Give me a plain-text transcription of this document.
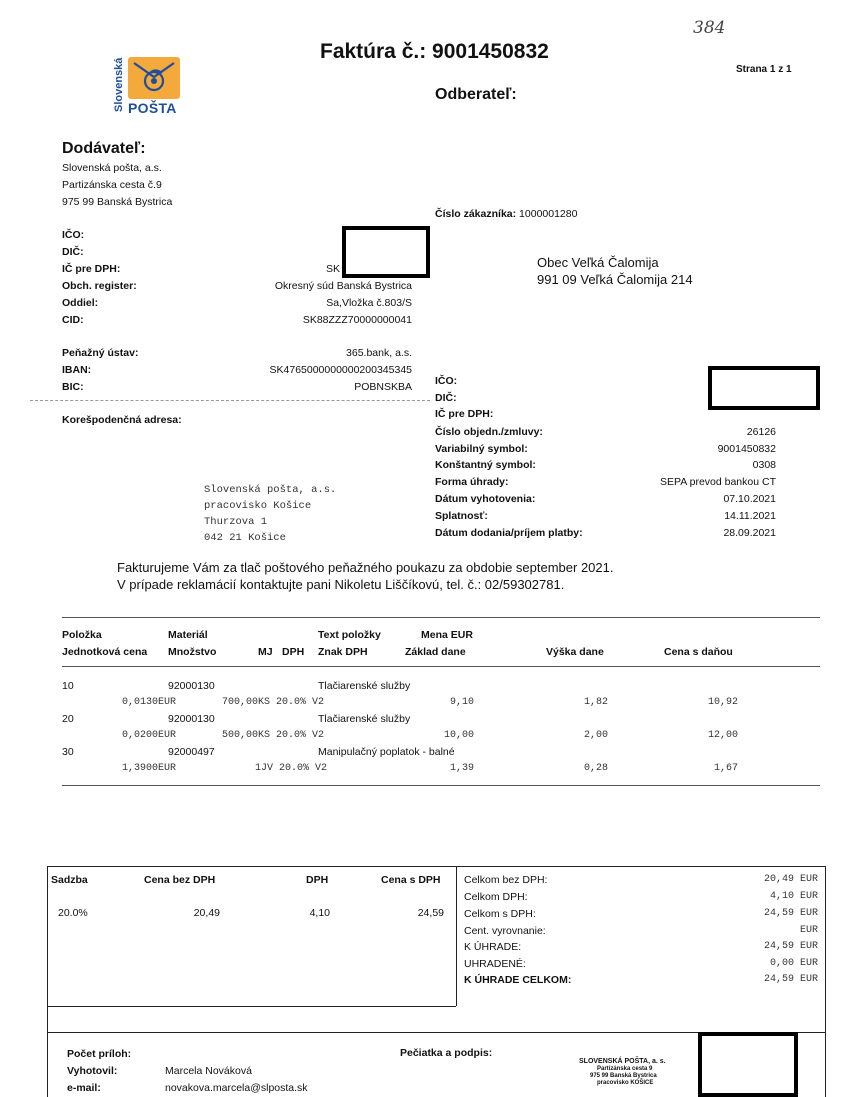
384
Slovenská POŠTA
Faktúra č.: 9001450832
Strana 1 z 1
Odberateľ:
Dodávateľ:
Slovenská pošta, a.s.
Partizánska cesta č.9
975 99 Banská Bystrica
IČO:
DIČ:
IČ pre DPH:	SK
Obch. register:	Okresný súd Banská Bystrica
Oddiel:	Sa,Vložka č.803/S
CID:	SK88ZZZ70000000041
Peňažný ústav:	365.bank, a.s.
IBAN:	SK4765000000000200345345
BIC:	POBNSKBA
Korešpodenčná adresa:
Slovenská pošta, a.s.
pracovisko Košice
Thurzova 1
042 21 Košice
Číslo zákazníka: 1000001280
Obec Veľká Čalomija
991 09 Veľká Čalomija 214
IČO:
DIČ:
IČ pre DPH:
Číslo objedn./zmluvy:	26126
Variabilný symbol:	9001450832
Konštantný symbol:	0308
Forma úhrady:	SEPA prevod bankou CT
Dátum vyhotovenia:	07.10.2021
Splatnosť:	14.11.2021
Dátum dodania/príjem platby:	28.09.2021
Fakturujeme Vám za tlač poštového peňažného poukazu za obdobie september 2021.
V prípade reklamácií kontaktujte pani Nikoletu Liščíkovú, tel. č.: 02/59302781.
Položka	Materiál	Text položky	Mena EUR
Jednotková cena Množstvo	MJ DPH Znak DPH	Základ dane	Výška dane	Cena s daňou
10	92000130	Tlačiarenské služby
0,0130EUR	700,00KS 20.0% V2	9,10	1,82	10,92
20	92000130	Tlačiarenské služby
0,0200EUR	500,00KS 20.0% V2	10,00	2,00	12,00
30	92000497	Manipulačný poplatok - balné
1,3900EUR	1JV 20.0% V2	1,39	0,28	1,67
Sadzba	Cena bez DPH	DPH	Cena s DPH
20.0%	20,49	4,10	24,59
Celkom bez DPH:	20,49 EUR
Celkom DPH:	4,10 EUR
Celkom s DPH:	24,59 EUR
Cent. vyrovnanie:	EUR
K ÚHRADE:	24,59 EUR
UHRADENÉ:	0,00 EUR
K ÚHRADE CELKOM:	24,59 EUR
Počet príloh:
Vyhotovil:	Marcela Nováková
e-mail:	novakova.marcela@slposta.sk
Pečiatka a podpis:
SLOVENSKÁ POŠTA, a. s.
Partizánska cesta 9
975 99 Banská Bystrica
pracovisko KOŠICE
